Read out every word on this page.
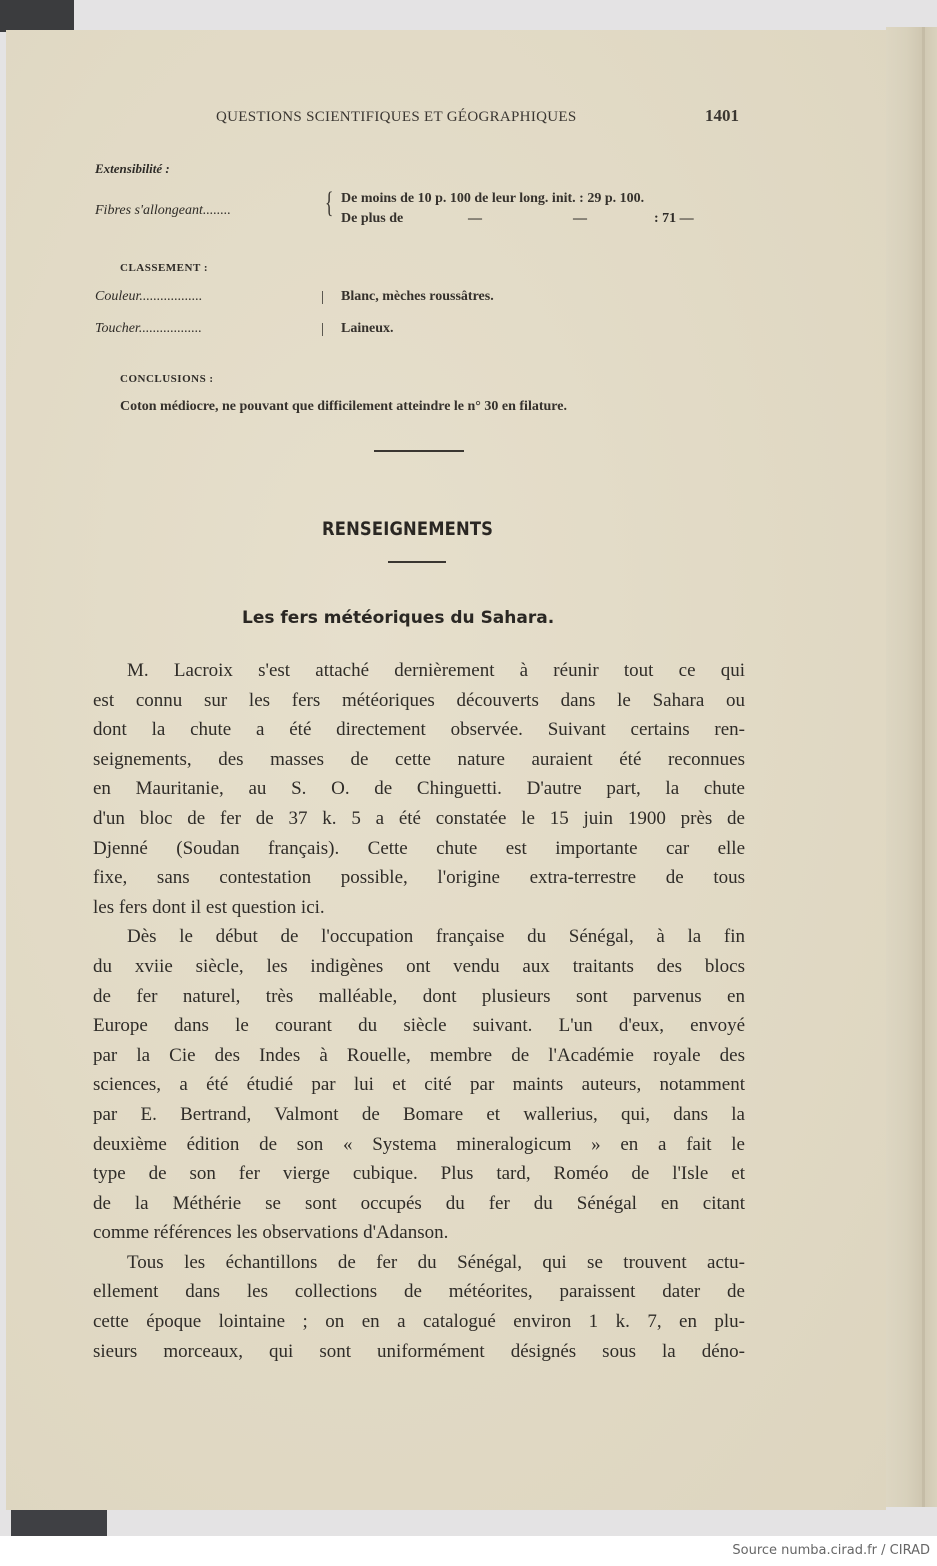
Source numba.cirad.fr / CIRAD
QUESTIONS SCIENTIFIQUES ET GÉOGRAPHIQUES	1401
Extensibilité :
Fibres s'allongeant........	{ De moins de 10 p. 100 de leur long. init. : 29 p. 100.
De plus de	—	—	: 71 —
CLASSEMENT :
Couleur..................	| Blanc, mèches roussâtres.
Toucher..................	| Laineux.
CONCLUSIONS :
Coton médiocre, ne pouvant que difficilement atteindre le n° 30 en filature.
RENSEIGNEMENTS
Les fers météoriques du Sahara.
M. Lacroix s'est attaché dernièrement à réunir tout ce qui
est connu sur les fers météoriques découverts dans le Sahara ou
dont la chute a été directement observée. Suivant certains ren-
seignements, des masses de cette nature auraient été reconnues
en Mauritanie, au S. O. de Chinguetti. D'autre part, la chute
d'un bloc de fer de 37 k. 5 a été constatée le 15 juin 1900 près de
Djenné (Soudan français). Cette chute est importante car elle
fixe, sans contestation possible, l'origine extra-terrestre de tous
les fers dont il est question ici.
Dès le début de l'occupation française du Sénégal, à la fin
du xviie siècle, les indigènes ont vendu aux traitants des blocs
de fer naturel, très malléable, dont plusieurs sont parvenus en
Europe dans le courant du siècle suivant. L'un d'eux, envoyé
par la Cie des Indes à Rouelle, membre de l'Académie royale des
sciences, a été étudié par lui et cité par maints auteurs, notamment
par E. Bertrand, Valmont de Bomare et wallerius, qui, dans la
deuxième édition de son « Systema mineralogicum » en a fait le
type de son fer vierge cubique. Plus tard, Roméo de l'Isle et
de la Méthérie se sont occupés du fer du Sénégal en citant
comme références les observations d'Adanson.
Tous les échantillons de fer du Sénégal, qui se trouvent actu-
ellement dans les collections de météorites, paraissent dater de
cette époque lointaine ; on en a catalogué environ 1 k. 7, en plu-
sieurs morceaux, qui sont uniformément désignés sous la déno-
